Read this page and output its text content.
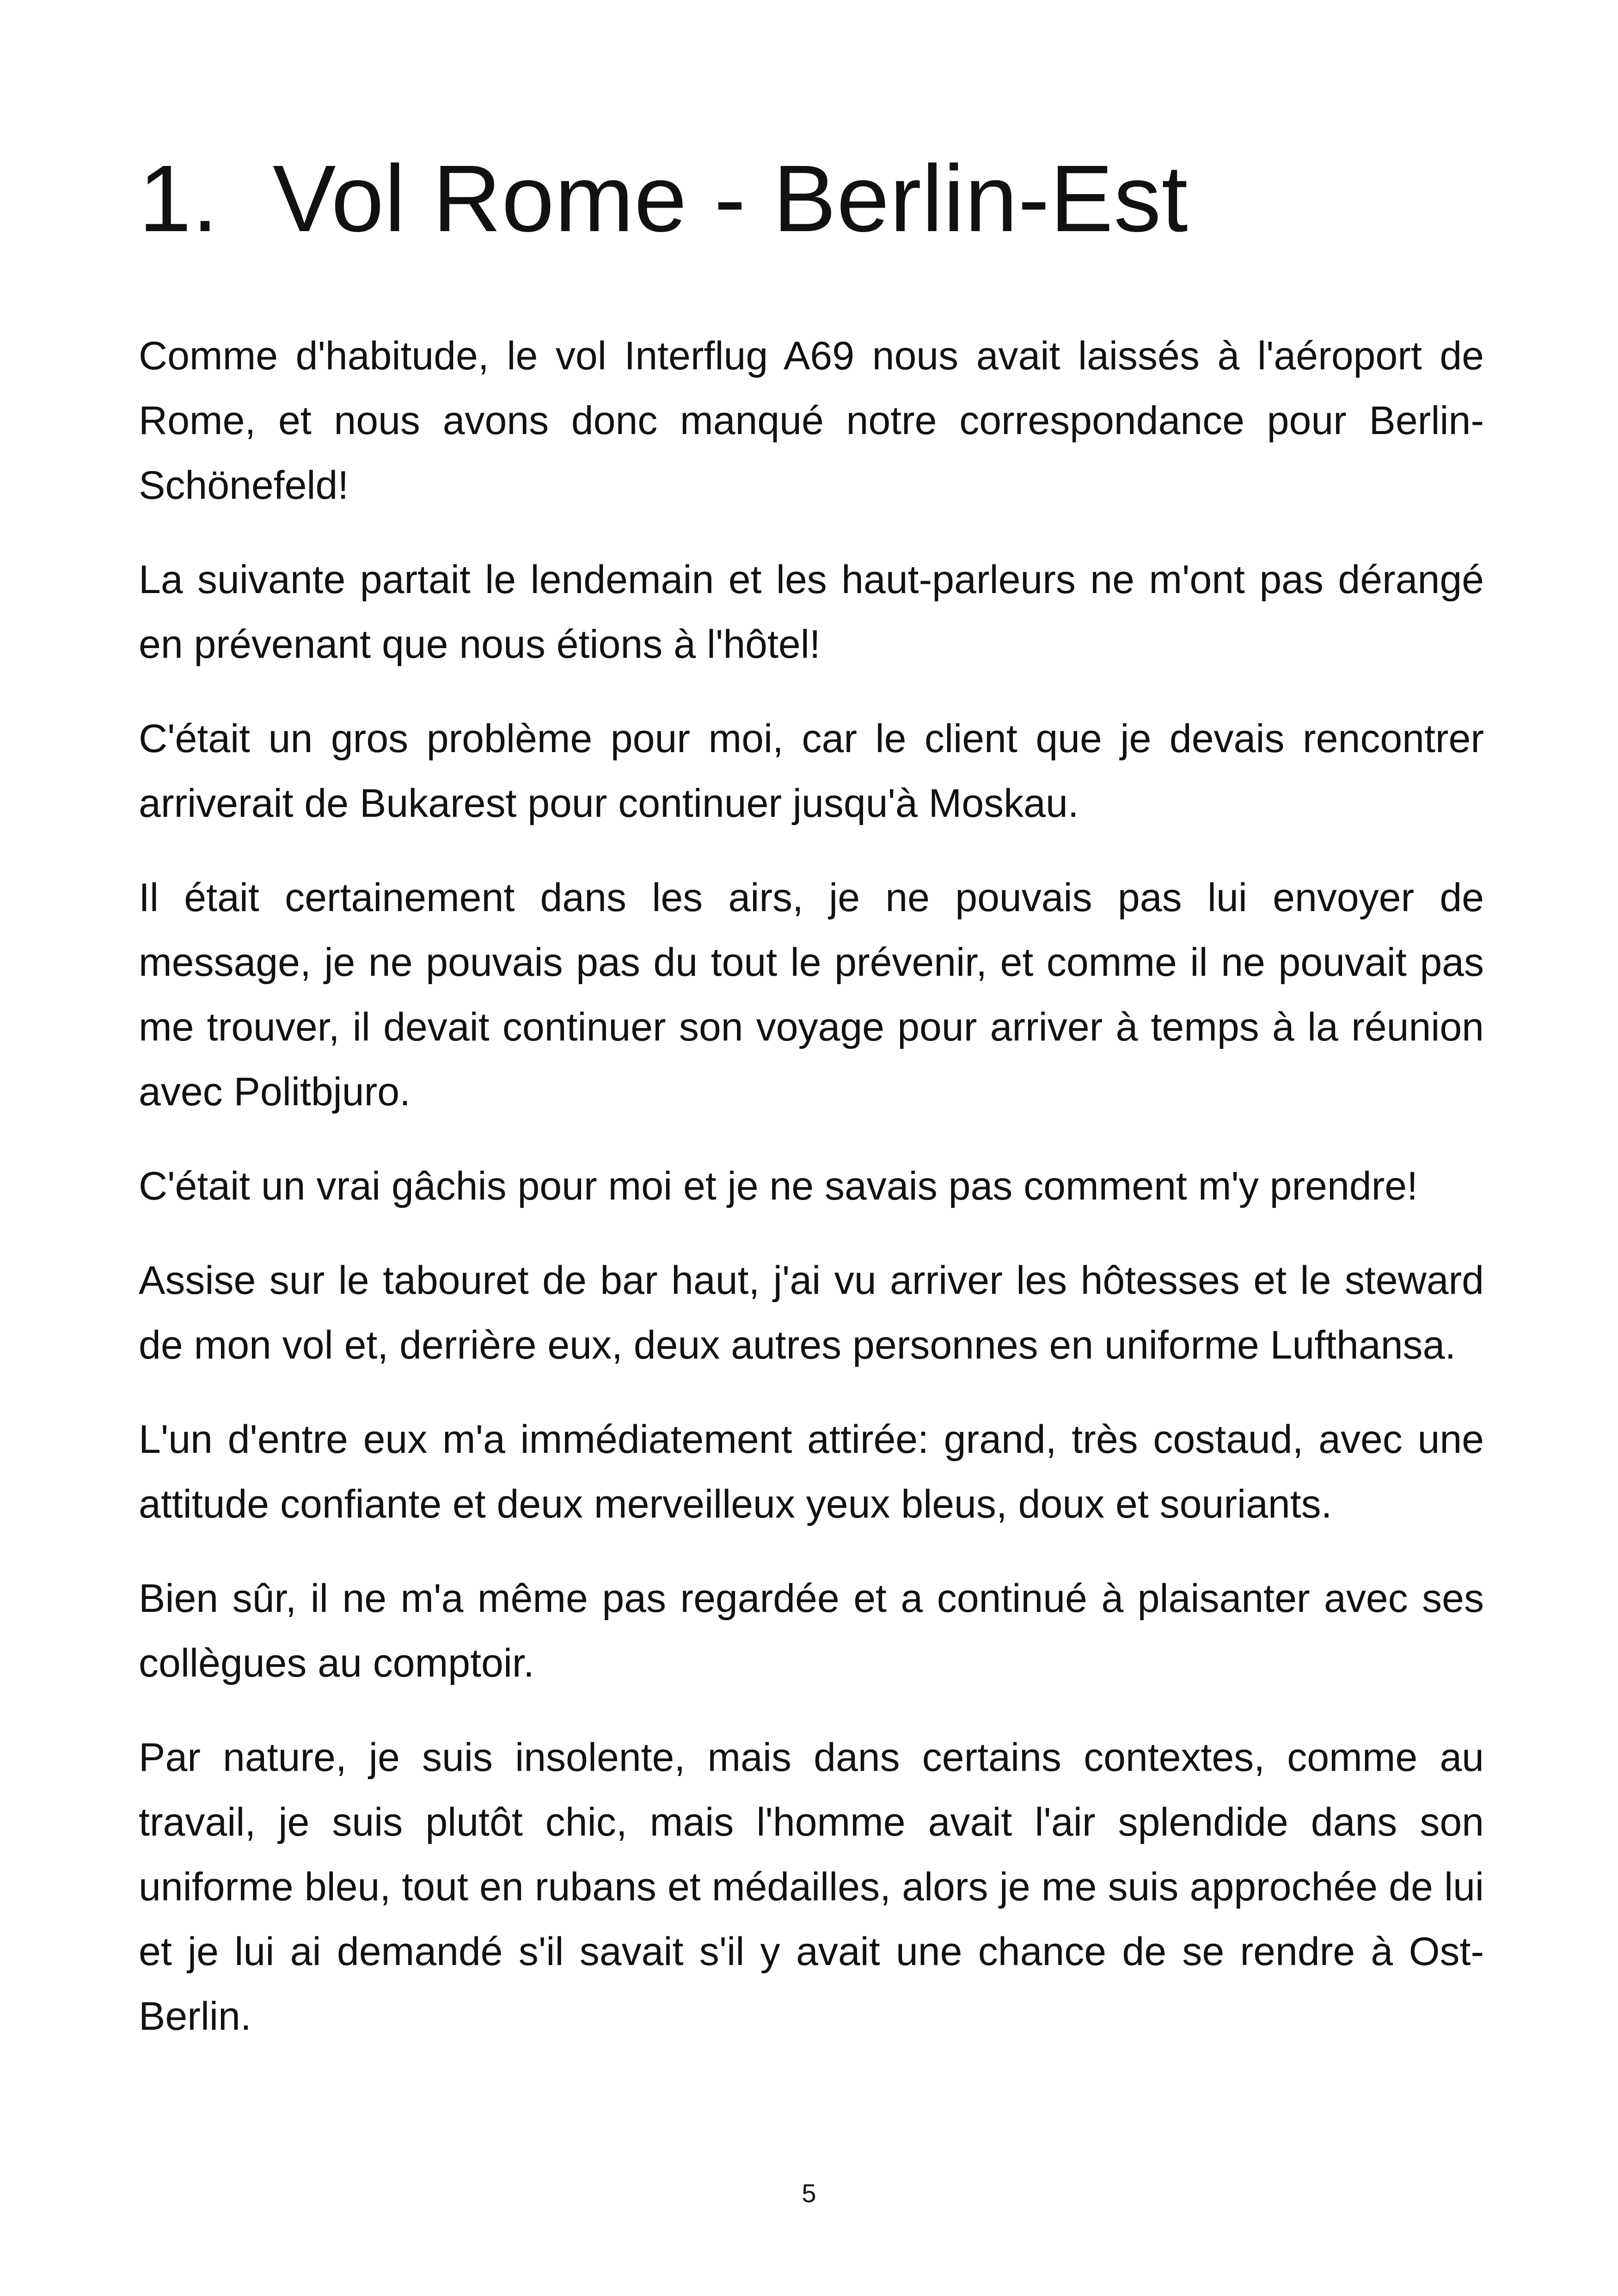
1. Vol Rome - Berlin-Est

Comme d'habitude, le vol Interflug A69 nous avait laissés à l'aéroport de Rome, et nous avons donc manqué notre correspondance pour Berlin-Schönefeld!

La suivante partait le lendemain et les haut-parleurs ne m'ont pas dérangé en prévenant que nous étions à l'hôtel!

C'était un gros problème pour moi, car le client que je devais rencontrer arriverait de Bukarest pour continuer jusqu'à Moskau.

Il était certainement dans les airs, je ne pouvais pas lui envoyer de message, je ne pouvais pas du tout le prévenir, et comme il ne pouvait pas me trouver, il devait continuer son voyage pour arriver à temps à la réunion avec Politbjuro.

C'était un vrai gâchis pour moi et je ne savais pas comment m'y prendre!

Assise sur le tabouret de bar haut, j'ai vu arriver les hôtesses et le steward de mon vol et, derrière eux, deux autres personnes en uniforme Lufthansa.

L'un d'entre eux m'a immédiatement attirée: grand, très costaud, avec une attitude confiante et deux merveilleux yeux bleus, doux et souriants.

Bien sûr, il ne m'a même pas regardée et a continué à plaisanter avec ses collègues au comptoir.

Par nature, je suis insolente, mais dans certains contextes, comme au travail, je suis plutôt chic, mais l'homme avait l'air splendide dans son uniforme bleu, tout en rubans et médailles, alors je me suis approchée de lui et je lui ai demandé s'il savait s'il y avait une chance de se rendre à Ost-Berlin.

5
